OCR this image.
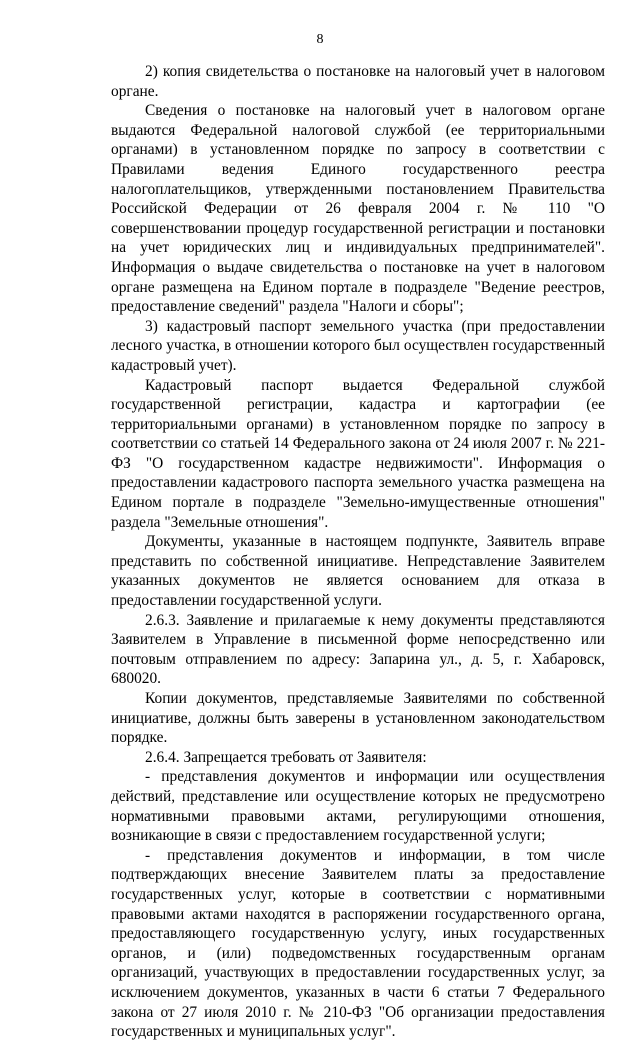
8

2) копия свидетельства о постановке на налоговый учет в налоговом органе.

Сведения о постановке на налоговый учет в налоговом органе выдаются Федеральной налоговой службой (ее территориальными органами) в установленном порядке по запросу в соответствии с Правилами ведения Единого государственного реестра налогоплательщиков, утвержденными постановлением Правительства Российской Федерации от 26 февраля 2004 г. № 110 "О совершенствовании процедур государственной регистрации и постановки на учет юридических лиц и индивидуальных предпринимателей". Информация о выдаче свидетельства о постановке на учет в налоговом органе размещена на Едином портале в подразделе "Ведение реестров, предоставление сведений" раздела "Налоги и сборы";

3) кадастровый паспорт земельного участка (при предоставлении лесного участка, в отношении которого был осуществлен государственный кадастровый учет).

Кадастровый паспорт выдается Федеральной службой государственной регистрации, кадастра и картографии (ее территориальными органами) в установленном порядке по запросу в соответствии со статьей 14 Федерального закона от 24 июля 2007 г. № 221-ФЗ "О государственном кадастре недвижимости". Информация о предоставлении кадастрового паспорта земельного участка размещена на Едином портале в подразделе "Земельно-имущественные отношения" раздела "Земельные отношения".

Документы, указанные в настоящем подпункте, Заявитель вправе представить по собственной инициативе. Непредставление Заявителем указанных документов не является основанием для отказа в предоставлении государственной услуги.

2.6.3. Заявление и прилагаемые к нему документы представляются Заявителем в Управление в письменной форме непосредственно или почтовым отправлением по адресу: Запарина ул., д. 5, г. Хабаровск, 680020.

Копии документов, представляемые Заявителями по собственной инициативе, должны быть заверены в установленном законодательством порядке.

2.6.4. Запрещается требовать от Заявителя:

- представления документов и информации или осуществления действий, представление или осуществление которых не предусмотрено нормативными правовыми актами, регулирующими отношения, возникающие в связи с предоставлением государственной услуги;

- представления документов и информации, в том числе подтверждающих внесение Заявителем платы за предоставление государственных услуг, которые в соответствии с нормативными правовыми актами находятся в распоряжении государственного органа, предоставляющего государственную услугу, иных государственных органов, и (или) подведомственных государственным органам организаций, участвующих в предоставлении государственных услуг, за исключением документов, указанных в части 6 статьи 7 Федерального закона от 27 июля 2010 г. № 210-ФЗ "Об организации предоставления государственных и муниципальных услуг".
